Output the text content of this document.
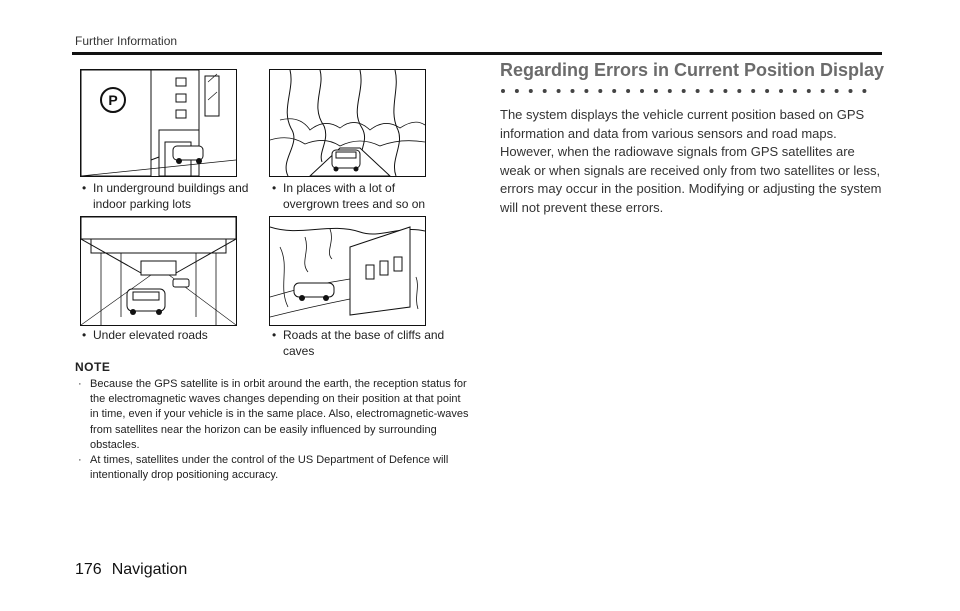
Further Information
P
• In underground buildings and indoor parking lots
• In places with a lot of overgrown trees and so on
• Under elevated roads	• Roads at the base of cliffs and caves
NOTE
· Because the GPS satellite is in orbit around the earth, the reception status for the electromagnetic waves changes depending on their position at that point in time, even if your vehicle is in the same place. Also, electromagnetic-waves from satellites near the horizon can be easily influenced by surrounding obstacles.
· At times, satellites under the control of the US Department of Defence will intentionally drop positioning accuracy.
Regarding Errors in Current Position Display

The system displays the vehicle current position based on GPS information and data from various sensors and road maps. However, when the radiowave signals from GPS satellites are weak or when signals are received only from two satellites or less, errors may occur in the position. Modifying or adjusting the system will not prevent these errors.

176 Navigation
